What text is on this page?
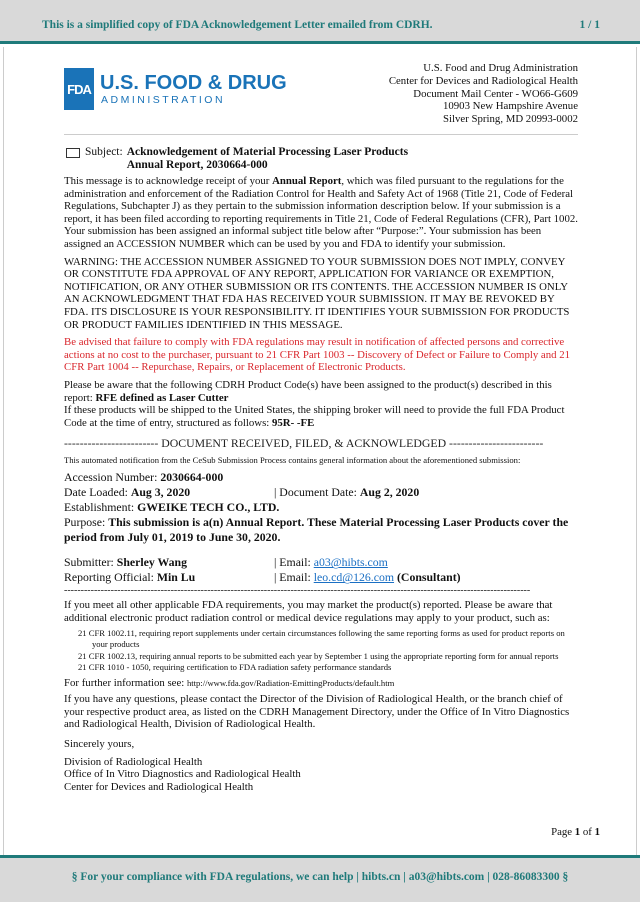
This is a simplified copy of FDA Acknowledgement Letter emailed from CDRH.	1 / 1
FDA U.S. FOOD & DRUG
ADMINISTRATION
U.S. Food and Drug Administration
Center for Devices and Radiological Health
Document Mail Center - WO66-G609
10903 New Hampshire Avenue
Silver Spring, MD 20993-0002
Subject: Acknowledgement of Material Processing Laser Products
Annual Report, 2030664-000

This message is to acknowledge receipt of your Annual Report, which was filed pursuant to the regulations for the administration and enforcement of the Radiation Control for Health and Safety Act of 1968 (Title 21, Code of Federal Regulations, Subchapter J) as they pertain to the submission information description below. If your submission is a report, it has been filed according to reporting requirements in Title 21, Code of Federal Regulations (CFR), Part 1002. Your submission has been assigned an informal subject title below after “Purpose:”. Your submission has been assigned an ACCESSION NUMBER which can be used by you and FDA to identify your submission.

WARNING: THE ACCESSION NUMBER ASSIGNED TO YOUR SUBMISSION DOES NOT IMPLY, CONVEY OR CONSTITUTE FDA APPROVAL OF ANY REPORT, APPLICATION FOR VARIANCE OR EXEMPTION, NOTIFICATION, OR ANY OTHER SUBMISSION OR ITS CONTENTS. THE ACCESSION NUMBER IS ONLY AN ACKNOWLEDGMENT THAT FDA HAS RECEIVED YOUR SUBMISSION. IT MAY BE REVOKED BY FDA. ITS DISCLOSURE IS YOUR RESPONSIBILITY. IT IDENTIFIES YOUR SUBMISSION FOR PRODUCTS OR PRODUCT FAMILIES IDENTIFIED IN THIS MESSAGE.

Be advised that failure to comply with FDA regulations may result in notification of affected persons and corrective actions at no cost to the purchaser, pursuant to 21 CFR Part 1003 -- Discovery of Defect or Failure to Comply and 21 CFR Part 1004 -- Repurchase, Repairs, or Replacement of Electronic Products.

Please be aware that the following CDRH Product Code(s) have been assigned to the product(s) described in this report: RFE defined as Laser Cutter

If these products will be shipped to the United States, the shipping broker will need to provide the full FDA Product Code at the time of entry, structured as follows: 95R- -FE

------------------------ DOCUMENT RECEIVED, FILED, & ACKNOWLEDGED ------------------------
This automated notification from the CeSub Submission Process contains general information about the aforementioned submission:
Accession Number: 2030664-000
Date Loaded: Aug 3, 2020	| Document Date: Aug 2, 2020
Establishment: GWEIKE TECH CO., LTD.
Purpose: This submission is a(n) Annual Report. These Material Processing Laser Products cover the period from July 01, 2019 to June 30, 2020.
Submitter: Sherley Wang	| Email: a03@hibts.com
Reporting Official: Min Lu	| Email: leo.cd@126.com (Consultant)
--------------------------------------------------------------------------------------------------------------------------------------------

If you meet all other applicable FDA requirements, you may market the product(s) reported. Please be aware that additional electronic product radiation control or medical device regulations may apply to your product, such as:

21 CFR 1002.11, requiring report supplements under certain circumstances following the same reporting forms as used for product reports on your products
21 CFR 1002.13, requiring annual reports to be submitted each year by September 1 using the appropriate reporting form for annual reports
21 CFR 1010 - 1050, requiring certification to FDA radiation safety performance standards

For further information see: http://www.fda.gov/Radiation-EmittingProducts/default.htm

If you have any questions, please contact the Director of the Division of Radiological Health, or the branch chief of your respective product area, as listed on the CDRH Management Directory, under the Office of In Vitro Diagnostics and Radiological Health, Division of Radiological Health.

Sincerely yours,

Division of Radiological Health
Office of In Vitro Diagnostics and Radiological Health
Center for Devices and Radiological Health
Page 1 of 1
§ For your compliance with FDA regulations, we can help | hibts.cn | a03@hibts.com | 028-86083300 §
